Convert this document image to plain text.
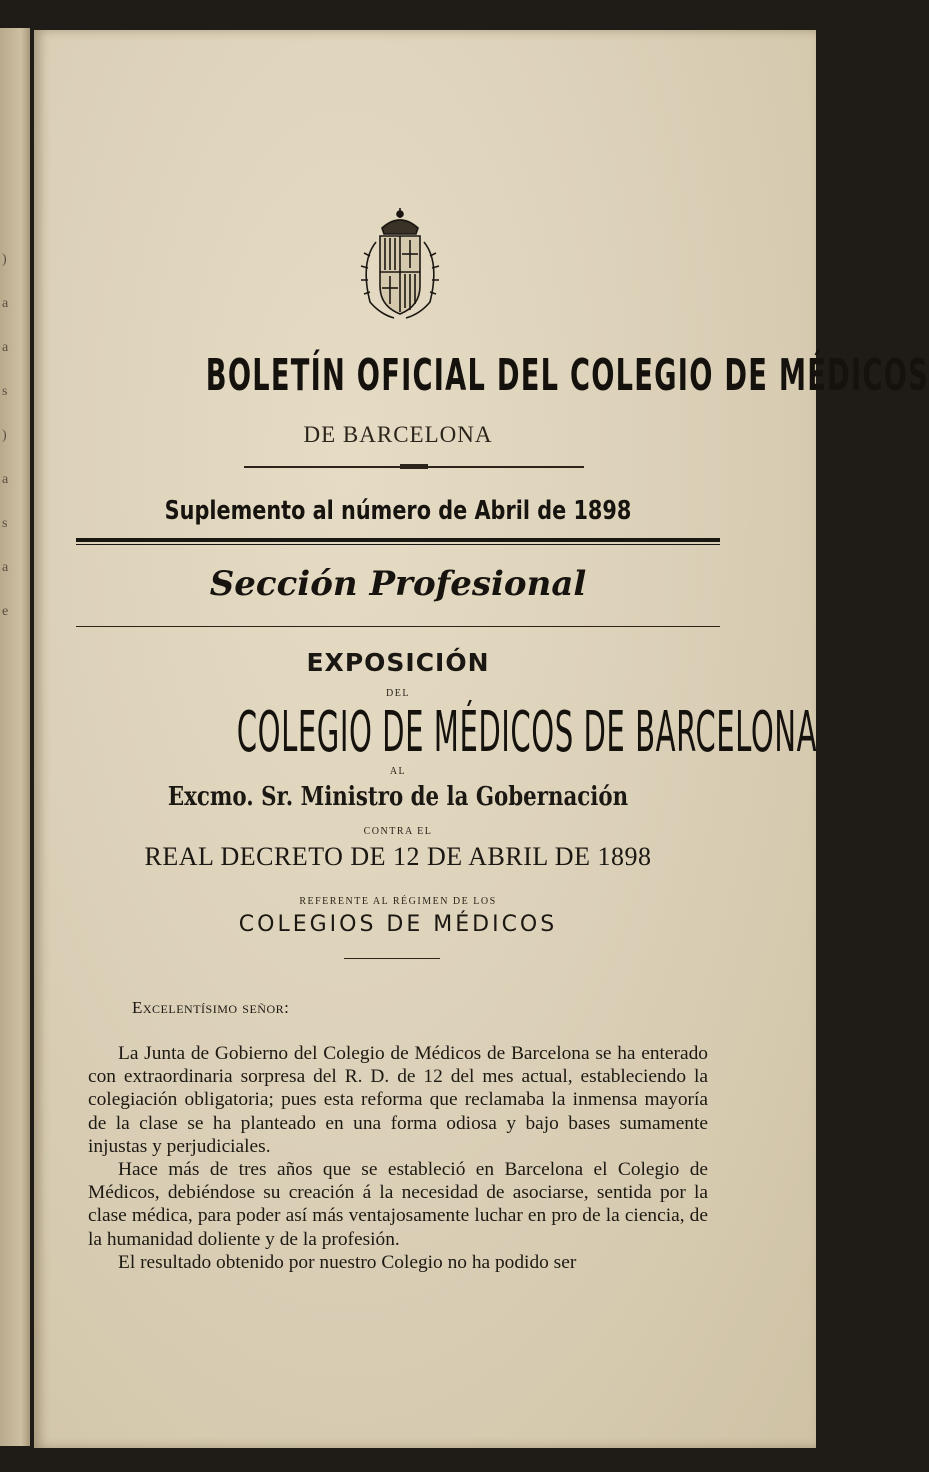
)
a
a
s
)
a
s
a
e
BOLETÍN OFICIAL DEL COLEGIO DE MÉDICOS
DE BARCELONA
Suplemento al número de Abril de 1898
Sección Profesional
EXPOSICIÓN
DEL
COLEGIO DE MÉDICOS DE BARCELONA
AL
Excmo. Sr. Ministro de la Gobernación
CONTRA EL
REAL DECRETO DE 12 DE ABRIL DE 1898
REFERENTE AL RÉGIMEN DE LOS
COLEGIOS DE MÉDICOS
Excelentísimo señor:

La Junta de Gobierno del Colegio de Médicos de Barcelona se ha enterado con extraordinaria sorpresa del R. D. de 12 del mes actual, estableciendo la colegiación obligatoria; pues esta reforma que reclamaba la inmensa mayoría de la clase se ha planteado en una forma odiosa y bajo bases sumamente injustas y perjudiciales.

Hace más de tres años que se estableció en Barcelona el Colegio de Médicos, debiéndose su creación á la necesidad de asociarse, sentida por la clase médica, para poder así más ventajosamente luchar en pro de la ciencia, de la humanidad doliente y de la profesión.

El resultado obtenido por nuestro Colegio no ha podido ser
